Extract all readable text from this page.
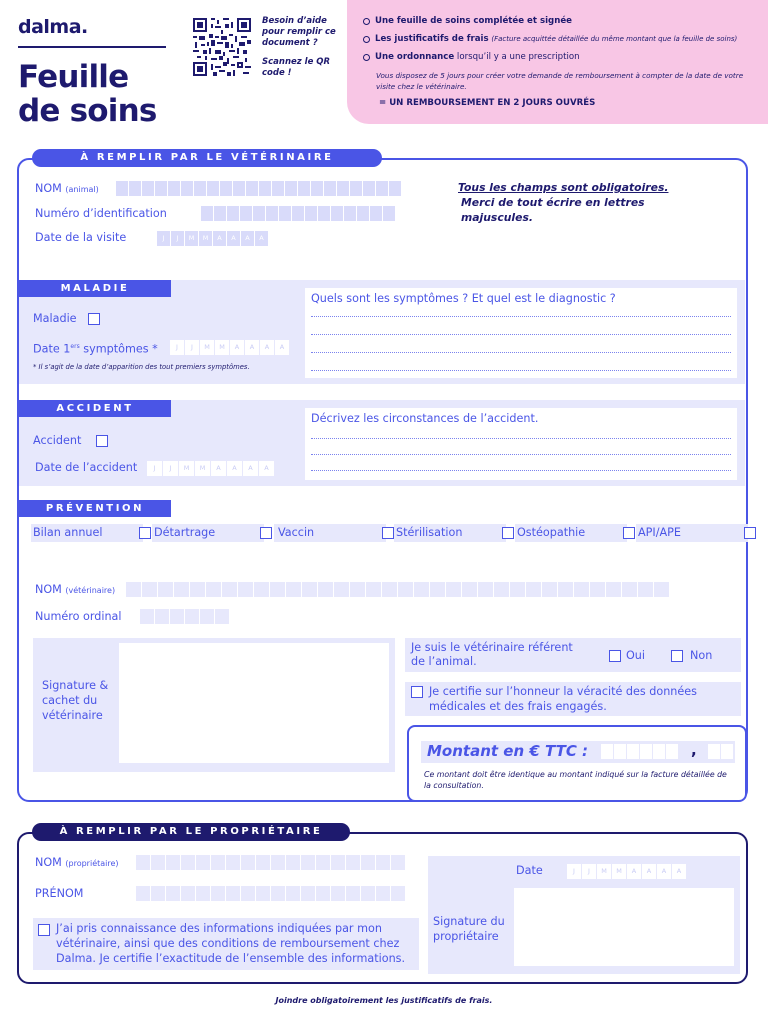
dalma.
Feuille
de soins
Besoin d’aide pour remplir ce document ?
Scannez le QR code !
Une feuille de soins complétée et signée
Les justificatifs de frais (Facture acquittée détaillée du même montant que la feuille de soins)
Une ordonnance lorsqu’il y a une prescription
Vous disposez de 5 jours pour créer votre demande de remboursement à compter de la date de votre visite chez le vétérinaire.
= UN REMBOURSEMENT EN 2 JOURS OUVRÉS
À REMPLIR PAR LE VÉTÉRINAIRE
NOM (animal)
Numéro d’identification
Date de la visite	J	J	M	M	A	A	A	A
Tous les champs sont obligatoires.
Merci de tout écrire en lettres majuscules.
MALADIE
Maladie
Date 1ers symptômes *	J	J	M	M	A	A	A	A
* Il s’agit de la date d’apparition des tout premiers symptômes.
Quels sont les symptômes ? Et quel est le diagnostic ?
ACCIDENT
Accident
Date de l’accident	J	J	M	M	A	A	A	A
Décrivez les circonstances de l’accident.
PRÉVENTION
Bilan annuel	Détartrage	Vaccin	Stérilisation	Ostéopathie	API/APE
NOM (vétérinaire)
Numéro ordinal
Signature & cachet du vétérinaire
Je suis le vétérinaire référent de l’animal.	Oui	Non
Je certifie sur l’honneur la véracité des données médicales et des frais engagés.
Montant en € TTC :	,
Ce montant doit être identique au montant indiqué sur la facture détaillée de la consultation.
À REMPLIR PAR LE PROPRIÉTAIRE
NOM (propriétaire)
PRÉNOM
J’ai pris connaissance des informations indiquées par mon vétérinaire, ainsi que des conditions de remboursement chez Dalma. Je certifie l’exactitude de l’ensemble des informations.
Date	J	J	M	M	A	A	A	A
Signature du propriétaire
Joindre obligatoirement les justificatifs de frais.
